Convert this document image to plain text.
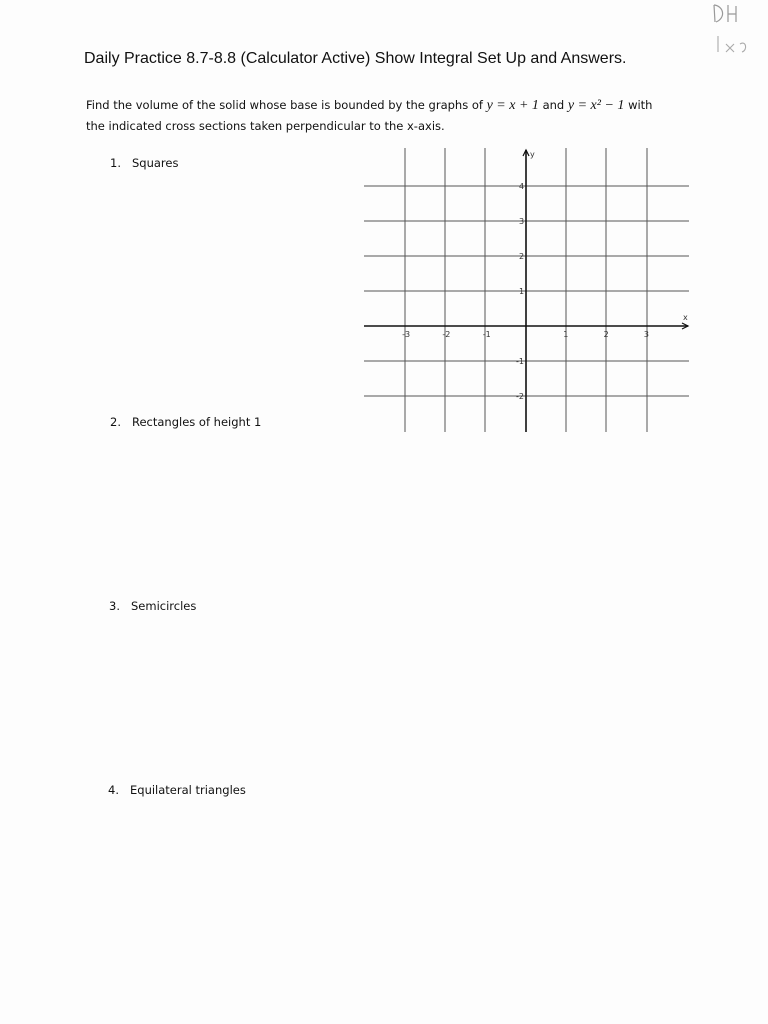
Daily Practice 8.7-8.8 (Calculator Active) Show Integral Set Up and Answers.
Find the volume of the solid whose base is bounded by the graphs of y = x + 1 and y = x² − 1 with
the indicated cross sections taken perpendicular to the x-axis.
1. Squares
2. Rectangles of height 1
3. Semicircles
4. Equilateral triangles
y
x
-3	-2	-1	1	2	3
4
3
2
1
-1
-2
